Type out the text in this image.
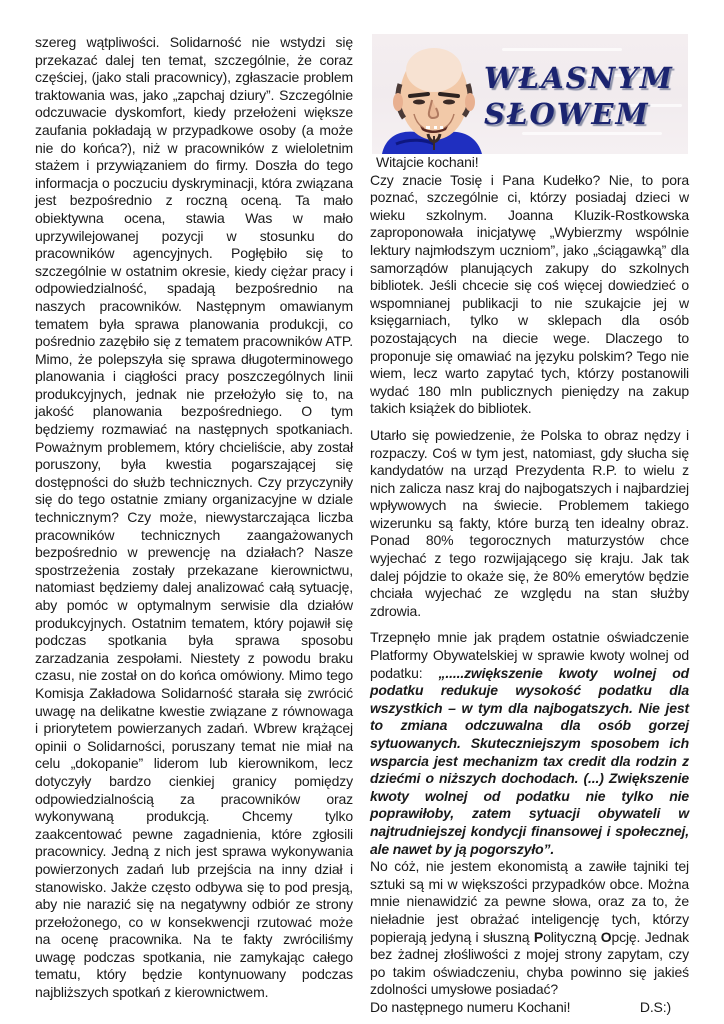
szereg wątpliwości. Solidarność nie wstydzi się przekazać dalej ten temat, szczególnie, że coraz częściej, (jako stali pracownicy), zgłaszacie problem traktowania was, jako „zapchaj dziury”. Szczególnie odczuwacie dyskomfort, kiedy przełożeni większe zaufania pokładają w przypadkowe osoby (a może nie do końca?), niż w pracowników z wieloletnim stażem i przywiązaniem do firmy. Doszła do tego informacja o poczuciu dyskryminacji, która związana jest bezpośrednio z roczną oceną. Ta mało obiektywna ocena, stawia Was w mało uprzywilejowanej pozycji w stosunku do pracowników agencyjnych. Pogłębiło się to szczególnie w ostatnim okresie, kiedy ciężar pracy i odpowiedzialność, spadają bezpośrednio na naszych pracowników. Następnym omawianym tematem była sprawa planowania produkcji, co pośrednio zazębiło się z tematem pracowników ATP. Mimo, że polepszyła się sprawa długoterminowego planowania i ciągłości pracy poszczególnych linii produkcyjnych, jednak nie przełożyło się to, na jakość planowania bezpośredniego. O tym będziemy rozmawiać na następnych spotkaniach. Poważnym problemem, który chcieliście, aby został poruszony, była kwestia pogarszającej się dostępności do służb technicznych. Czy przyczyniły się do tego ostatnie zmiany organizacyjne w dziale technicznym? Czy może, niewystarczająca liczba pracowników technicznych zaangażowanych bezpośrednio w prewencję na działach? Nasze spostrzeżenia zostały przekazane kierownictwu, natomiast będziemy dalej analizować całą sytuację, aby pomóc w optymalnym serwisie dla działów produkcyjnych. Ostatnim tematem, który pojawił się podczas spotkania była sprawa sposobu zarzadzania zespołami. Niestety z powodu braku czasu, nie został on do końca omówiony. Mimo tego Komisja Zakładowa Solidarność starała się zwrócić uwagę na delikatne kwestie związane z równowaga i priorytetem powierzanych zadań. Wbrew krążącej opinii o Solidarności, poruszany temat nie miał na celu „dokopanie” liderom lub kierownikom, lecz dotyczyły bardzo cienkiej granicy pomiędzy odpowiedzialnością za pracowników oraz wykonywaną produkcją. Chcemy tylko zaakcentować pewne zagadnienia, które zgłosili pracownicy. Jedną z nich jest sprawa wykonywania powierzonych zadań lub przejścia na inny dział i stanowisko. Jakże często odbywa się to pod presją, aby nie narazić się na negatywny odbiór ze strony przełożonego, co w konsekwencji rzutować może na ocenę pracownika. Na te fakty zwróciliśmy uwagę podczas spotkania, nie zamykając całego tematu, który będzie kontynuowany podczas najbliższych spotkań z kierownictwem.

WŁASNYM
SŁOWEM

Witajcie kochani!

Czy znacie Tosię i Pana Kudełko? Nie, to pora poznać, szczególnie ci, którzy posiadaj dzieci w wieku szkolnym. Joanna Kluzik-Rostkowska zaproponowała inicjatywę „Wybierzmy wspólnie lektury najmłodszym uczniom”, jako „ściągawką” dla samorządów planujących zakupy do szkolnych bibliotek. Jeśli chcecie się coś więcej dowiedzieć o wspomnianej publikacji to nie szukajcie jej w księgarniach, tylko w sklepach dla osób pozostających na diecie wege. Dlaczego to proponuje się omawiać na języku polskim? Tego nie wiem, lecz warto zapytać tych, którzy postanowili wydać 180 mln publicznych pieniędzy na zakup takich książek do bibliotek.

Utarło się powiedzenie, że Polska to obraz nędzy i rozpaczy. Coś w tym jest, natomiast, gdy słucha się kandydatów na urząd Prezydenta R.P. to wielu z nich zalicza nasz kraj do najbogatszych i najbardziej wpływowych na świecie. Problemem takiego wizerunku są fakty, które burzą ten idealny obraz. Ponad 80% tegorocznych maturzystów chce wyjechać z tego rozwijającego się kraju. Jak tak dalej pójdzie to okaże się, że 80% emerytów będzie chciała wyjechać ze względu na stan służby zdrowia.

Trzepnęło mnie jak prądem ostatnie oświadczenie Platformy Obywatelskiej w sprawie kwoty wolnej od podatku: „.....zwiększenie kwoty wolnej od podatku redukuje wysokość podatku dla wszystkich – w tym dla najbogatszych. Nie jest to zmiana odczuwalna dla osób gorzej sytuowanych. Skuteczniejszym sposobem ich wsparcia jest mechanizm tax credit dla rodzin z dziećmi o niższych dochodach. (...) Zwiększenie kwoty wolnej od podatku nie tylko nie poprawiłoby, zatem sytuacji obywateli w najtrudniejszej kondycji finansowej i społecznej, ale nawet by ją pogorszyło”.

No cóż, nie jestem ekonomistą a zawiłe tajniki tej sztuki są mi w większości przypadków obce. Można mnie nienawidzić za pewne słowa, oraz za to, że nieładnie jest obrażać inteligencję tych, którzy popierają jedyną i słuszną Polityczną Opcję. Jednak bez żadnej złośliwości z mojej strony zapytam, czy po takim oświadczeniu, chyba powinno się jakieś zdolności umysłowe posiadać?

Do następnego numeru Kochani!	D.S:)
